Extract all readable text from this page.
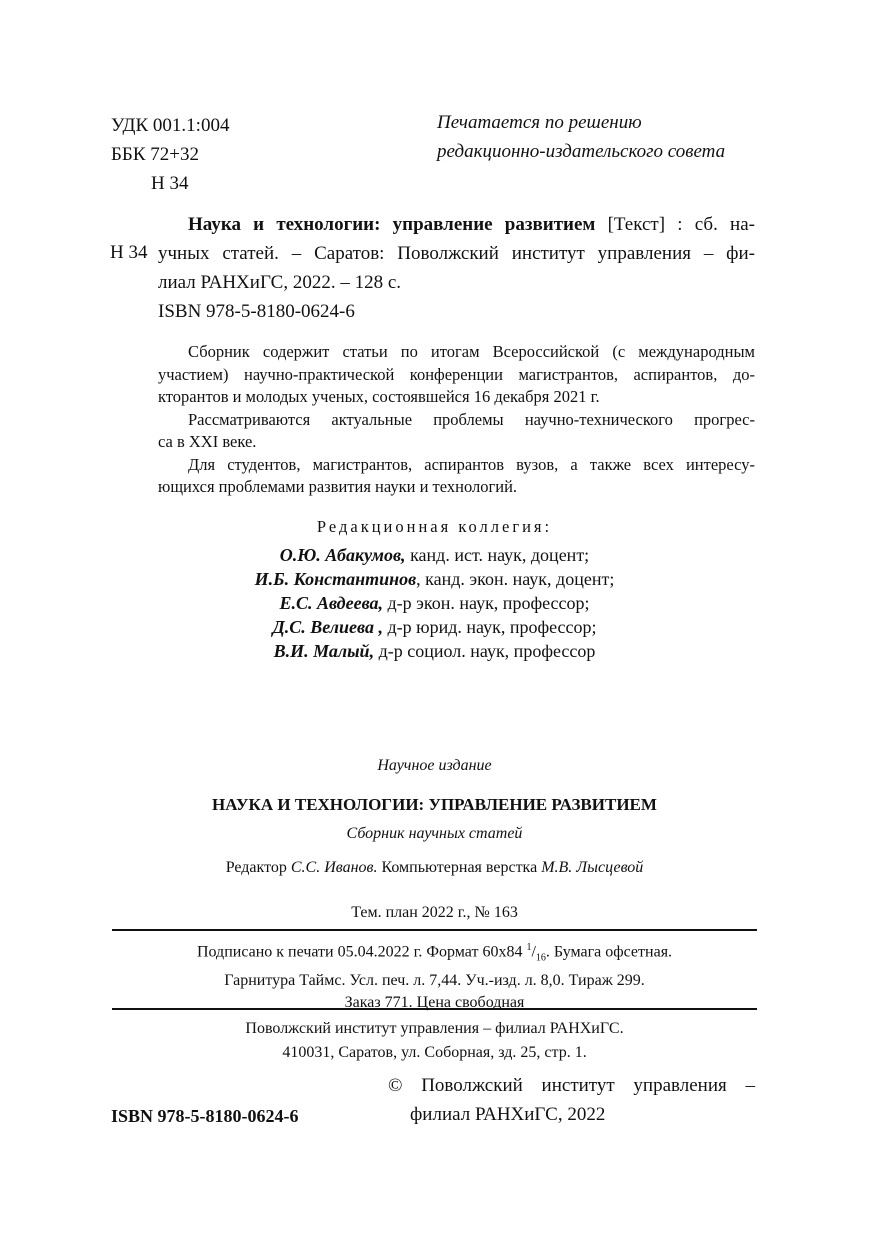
УДК 001.1:004
ББК 72+32
Н 34
Печатается по решению
редакционно-издательского совета
Н 34
Наука и технологии: управление развитием [Текст] : сб. на-
учных статей. – Саратов: Поволжский институт управления – фи-
лиал РАНХиГС, 2022. – 128 с.
ISBN 978-5-8180-0624-6
Сборник содержит статьи по итогам Всероссийской (с международным
участием) научно-практической конференции магистрантов, аспирантов, до-
кторантов и молодых ученых, состоявшейся 16 декабря 2021 г.
Рассматриваются актуальные проблемы научно-технического прогрес-
са в XXI веке.
Для студентов, магистрантов, аспирантов вузов, а также всех интересу-
ющихся проблемами развития науки и технологий.
Редакционная коллегия:
О.Ю. Абакумов, канд. ист. наук, доцент;
И.Б. Константинов, канд. экон. наук, доцент;
Е.С. Авдеева, д-р экон. наук, профессор;
Д.С. Велиева , д-р юрид. наук, профессор;
В.И. Малый, д-р социол. наук, профессор
Научное издание
НАУКА И ТЕХНОЛОГИИ: УПРАВЛЕНИЕ РАЗВИТИЕМ
Сборник научных статей
Редактор С.С. Иванов. Компьютерная верстка М.В. Лысцевой
Тем. план 2022 г., № 163
Подписано к печати 05.04.2022 г. Формат 60х84 $^1/_{16}$. Бумага офсетная.
Гарнитура Таймс. Усл. печ. л. 7,44. Уч.-изд. л. 8,0. Тираж 299.
Заказ 771. Цена свободная
Поволжский институт управления – филиал РАНХиГС.
410031, Саратов, ул. Соборная, зд. 25, стр. 1.
ISBN 978-5-8180-0624-6
© Поволжский институт управления –
филиал РАНХиГС, 2022
